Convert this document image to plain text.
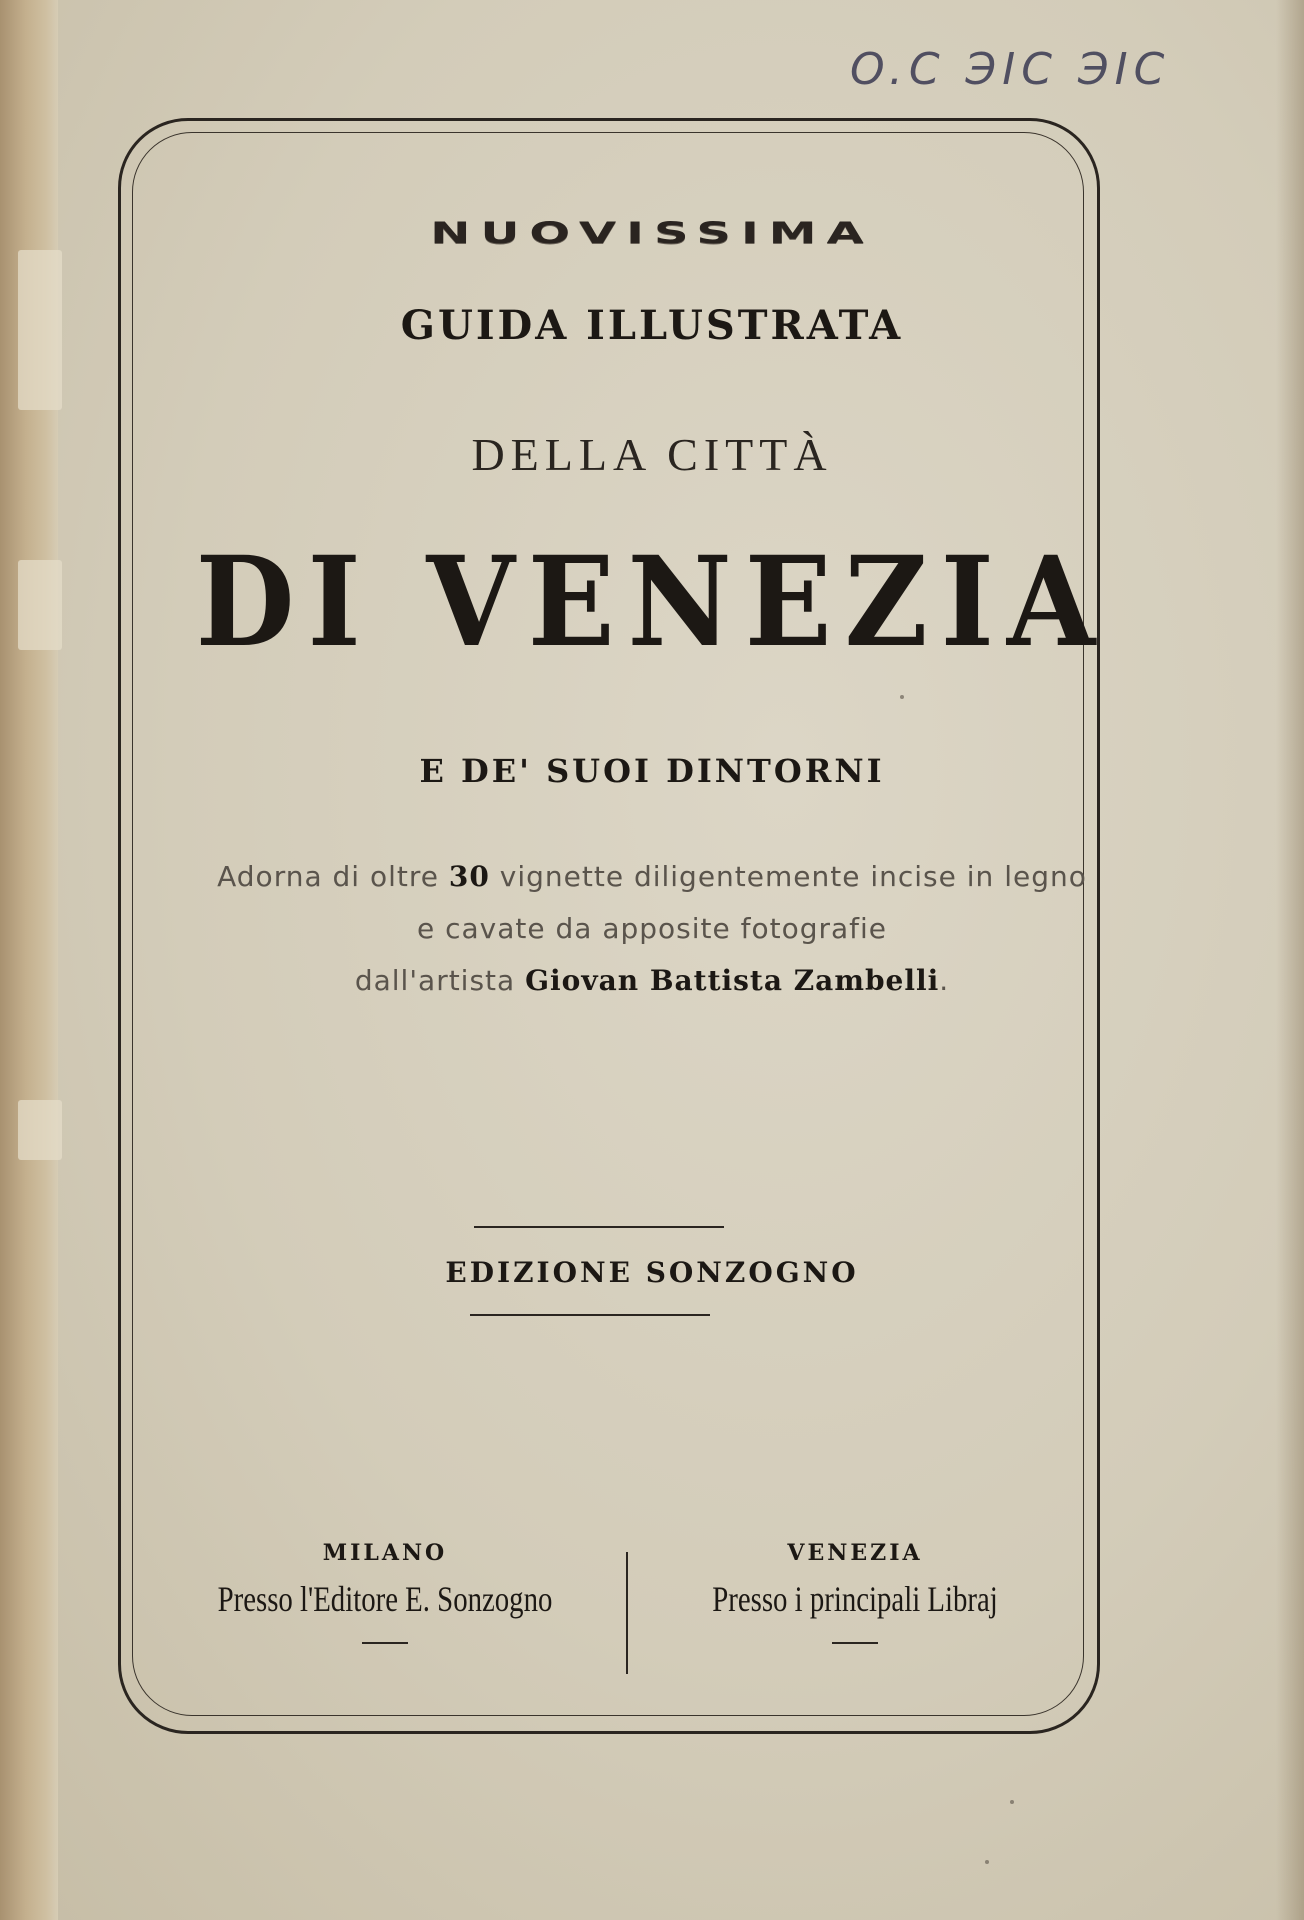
O.C ЭIC ЭIC
NUOVISSIMA
GUIDA ILLUSTRATA
DELLA CITTÀ
DI VENEZIA
E DE' SUOI DINTORNI
Adorna di oltre 30 vignette diligentemente incise in legno
e cavate da apposite fotografie
dall'artista Giovan Battista Zambelli.
EDIZIONE SONZOGNO
MILANO
Presso l'Editore E. Sonzogno
VENEZIA
Presso i principali Libraj
